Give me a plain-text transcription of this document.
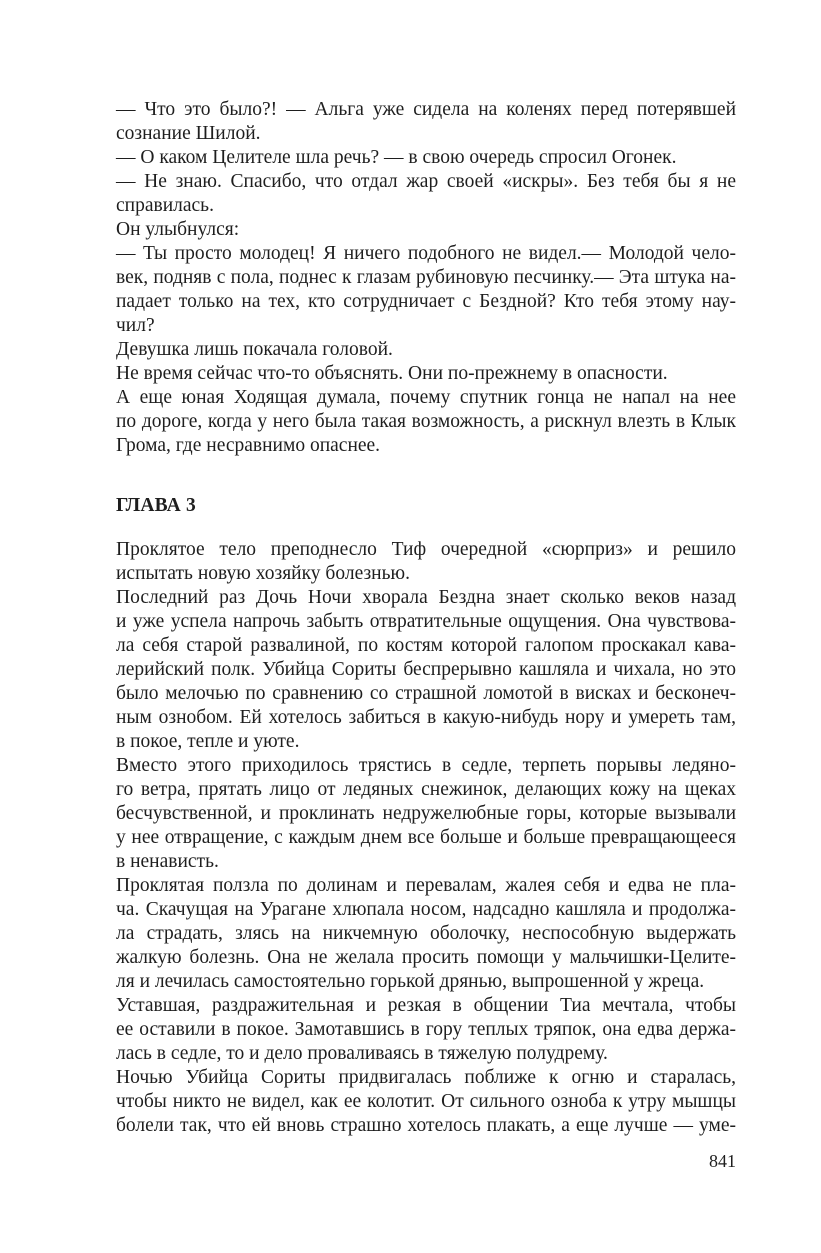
— Что это было?! — Альга уже сидела на коленях перед потерявшей
сознание Шилой.
— О каком Целителе шла речь? — в свою очередь спросил Огонек.
— Не знаю. Спасибо, что отдал жар своей «искры». Без тебя бы я не
справилась.
Он улыбнулся:
— Ты просто молодец! Я ничего подобного не видел.— Молодой чело-
век, подняв с пола, поднес к глазам рубиновую песчинку.— Эта штука на-
падает только на тех, кто сотрудничает с Бездной? Кто тебя этому нау-
чил?
Девушка лишь покачала головой.
Не время сейчас что-то объяснять. Они по-прежнему в опасности.
А еще юная Ходящая думала, почему спутник гонца не напал на нее
по дороге, когда у него была такая возможность, а рискнул влезть в Клык
Грома, где несравнимо опаснее.
ГЛАВА 3
Проклятое тело преподнесло Тиф очередной «сюрприз» и решило
испытать новую хозяйку болезнью.
Последний раз Дочь Ночи хворала Бездна знает сколько веков назад
и уже успела напрочь забыть отвратительные ощущения. Она чувствова-
ла себя старой развалиной, по костям которой галопом проскакал кава-
лерийский полк. Убийца Сориты беспрерывно кашляла и чихала, но это
было мелочью по сравнению со страшной ломотой в висках и бесконеч-
ным ознобом. Ей хотелось забиться в какую-нибудь нору и умереть там,
в покое, тепле и уюте.
Вместо этого приходилось трястись в седле, терпеть порывы ледяно-
го ветра, прятать лицо от ледяных снежинок, делающих кожу на щеках
бесчувственной, и проклинать недружелюбные горы, которые вызывали
у нее отвращение, с каждым днем все больше и больше превращающееся
в ненависть.
Проклятая ползла по долинам и перевалам, жалея себя и едва не пла-
ча. Скачущая на Урагане хлюпала носом, надсадно кашляла и продолжа-
ла страдать, злясь на никчемную оболочку, неспособную выдержать
жалкую болезнь. Она не желала просить помощи у мальчишки-Целите-
ля и лечилась самостоятельно горькой дрянью, выпрошенной у жреца.
Уставшая, раздражительная и резкая в общении Тиа мечтала, чтобы
ее оставили в покое. Замотавшись в гору теплых тряпок, она едва держа-
лась в седле, то и дело проваливаясь в тяжелую полудрему.
Ночью Убийца Сориты придвигалась поближе к огню и старалась,
чтобы никто не видел, как ее колотит. От сильного озноба к утру мышцы
болели так, что ей вновь страшно хотелось плакать, а еще лучше — уме-
841
